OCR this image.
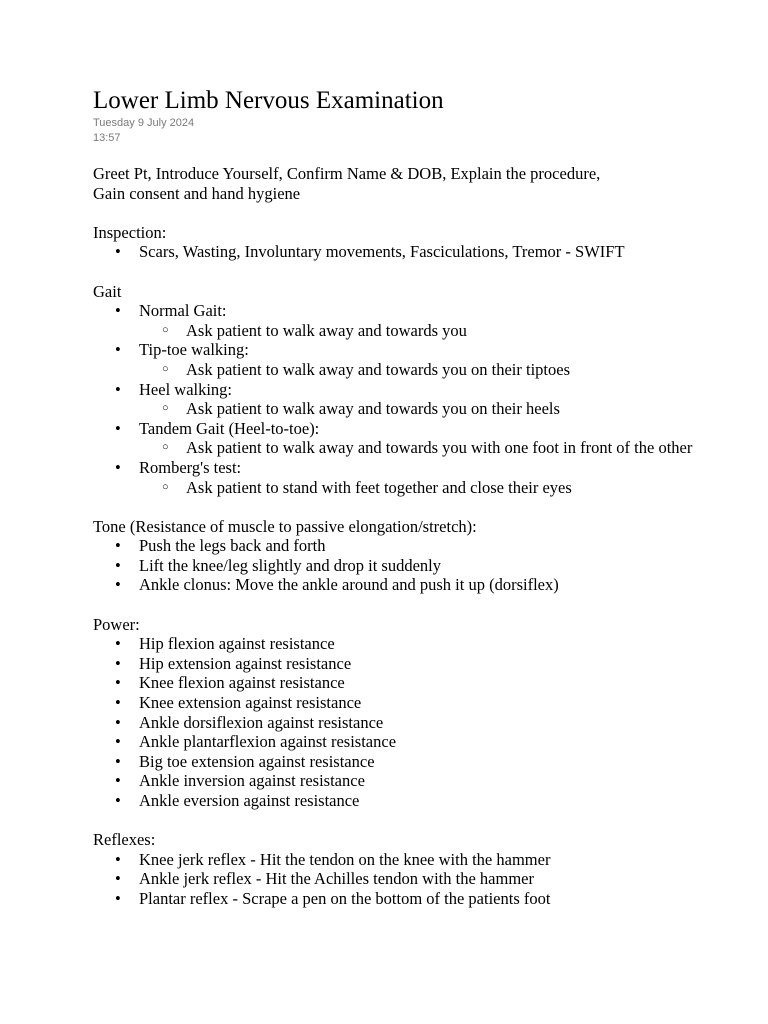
Lower Limb Nervous Examination
Tuesday 9 July 2024
13:57

Greet Pt, Introduce Yourself, Confirm Name & DOB, Explain the procedure,

Gain consent and hand hygiene

Inspection:

• Scars, Wasting, Involuntary movements, Fasciculations, Tremor - SWIFT

Gait

• Normal Gait:
○ Ask patient to walk away and towards you
• Tip-toe walking:
○ Ask patient to walk away and towards you on their tiptoes
• Heel walking:
○ Ask patient to walk away and towards you on their heels
• Tandem Gait (Heel-to-toe):
○ Ask patient to walk away and towards you with one foot in front of the other
• Romberg's test:
○ Ask patient to stand with feet together and close their eyes

Tone (Resistance of muscle to passive elongation/stretch):

• Push the legs back and forth
• Lift the knee/leg slightly and drop it suddenly
• Ankle clonus: Move the ankle around and push it up (dorsiflex)

Power:

• Hip flexion against resistance
• Hip extension against resistance
• Knee flexion against resistance
• Knee extension against resistance
• Ankle dorsiflexion against resistance
• Ankle plantarflexion against resistance
• Big toe extension against resistance
• Ankle inversion against resistance
• Ankle eversion against resistance

Reflexes:

• Knee jerk reflex - Hit the tendon on the knee with the hammer
• Ankle jerk reflex - Hit the Achilles tendon with the hammer
• Plantar reflex - Scrape a pen on the bottom of the patients foot
